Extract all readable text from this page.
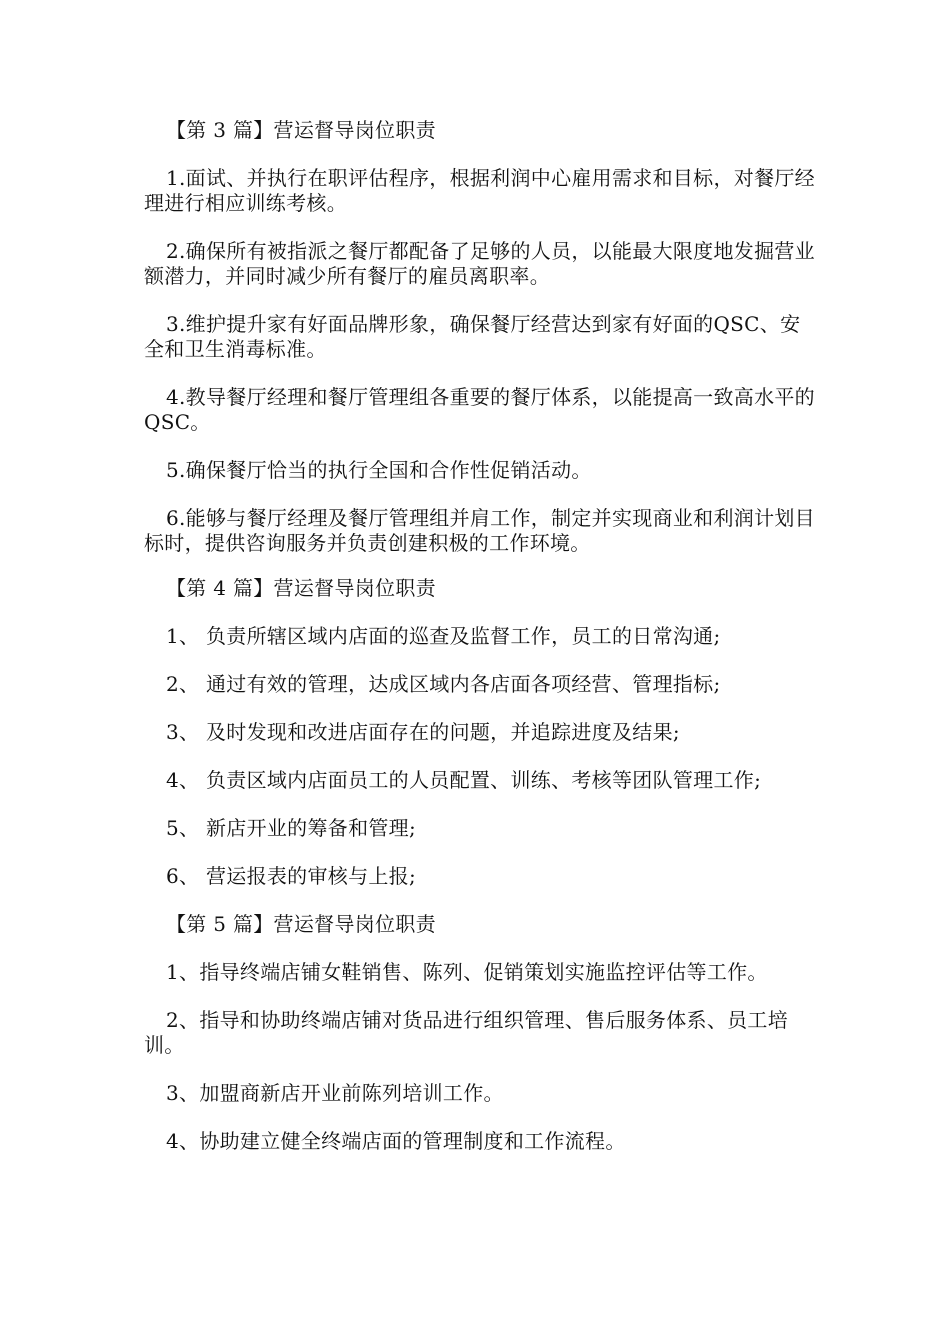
【第 3 篇】营运督导岗位职责
1.面试、并执行在职评估程序，根据利润中心雇用需求和目标，对餐厅经理进行相应训练考核。
2.确保所有被指派之餐厅都配备了足够的人员，以能最大限度地发掘营业额潜力，并同时减少所有餐厅的雇员离职率。
3.维护提升家有好面品牌形象，确保餐厅经营达到家有好面的QSC、安全和卫生消毒标准。
4.教导餐厅经理和餐厅管理组各重要的餐厅体系，以能提高一致高水平的QSC。
5.确保餐厅恰当的执行全国和合作性促销活动。
6.能够与餐厅经理及餐厅管理组并肩工作，制定并实现商业和利润计划目标时，提供咨询服务并负责创建积极的工作环境。
【第 4 篇】营运督导岗位职责
1、 负责所辖区域内店面的巡查及监督工作，员工的日常沟通;
2、 通过有效的管理，达成区域内各店面各项经营、管理指标;
3、 及时发现和改进店面存在的问题，并追踪进度及结果;
4、 负责区域内店面员工的人员配置、训练、考核等团队管理工作;
5、 新店开业的筹备和管理;
6、 营运报表的审核与上报;
【第 5 篇】营运督导岗位职责
1、指导终端店铺女鞋销售、陈列、促销策划实施监控评估等工作。
2、指导和协助终端店铺对货品进行组织管理、售后服务体系、员工培训。
3、加盟商新店开业前陈列培训工作。
4、协助建立健全终端店面的管理制度和工作流程。
